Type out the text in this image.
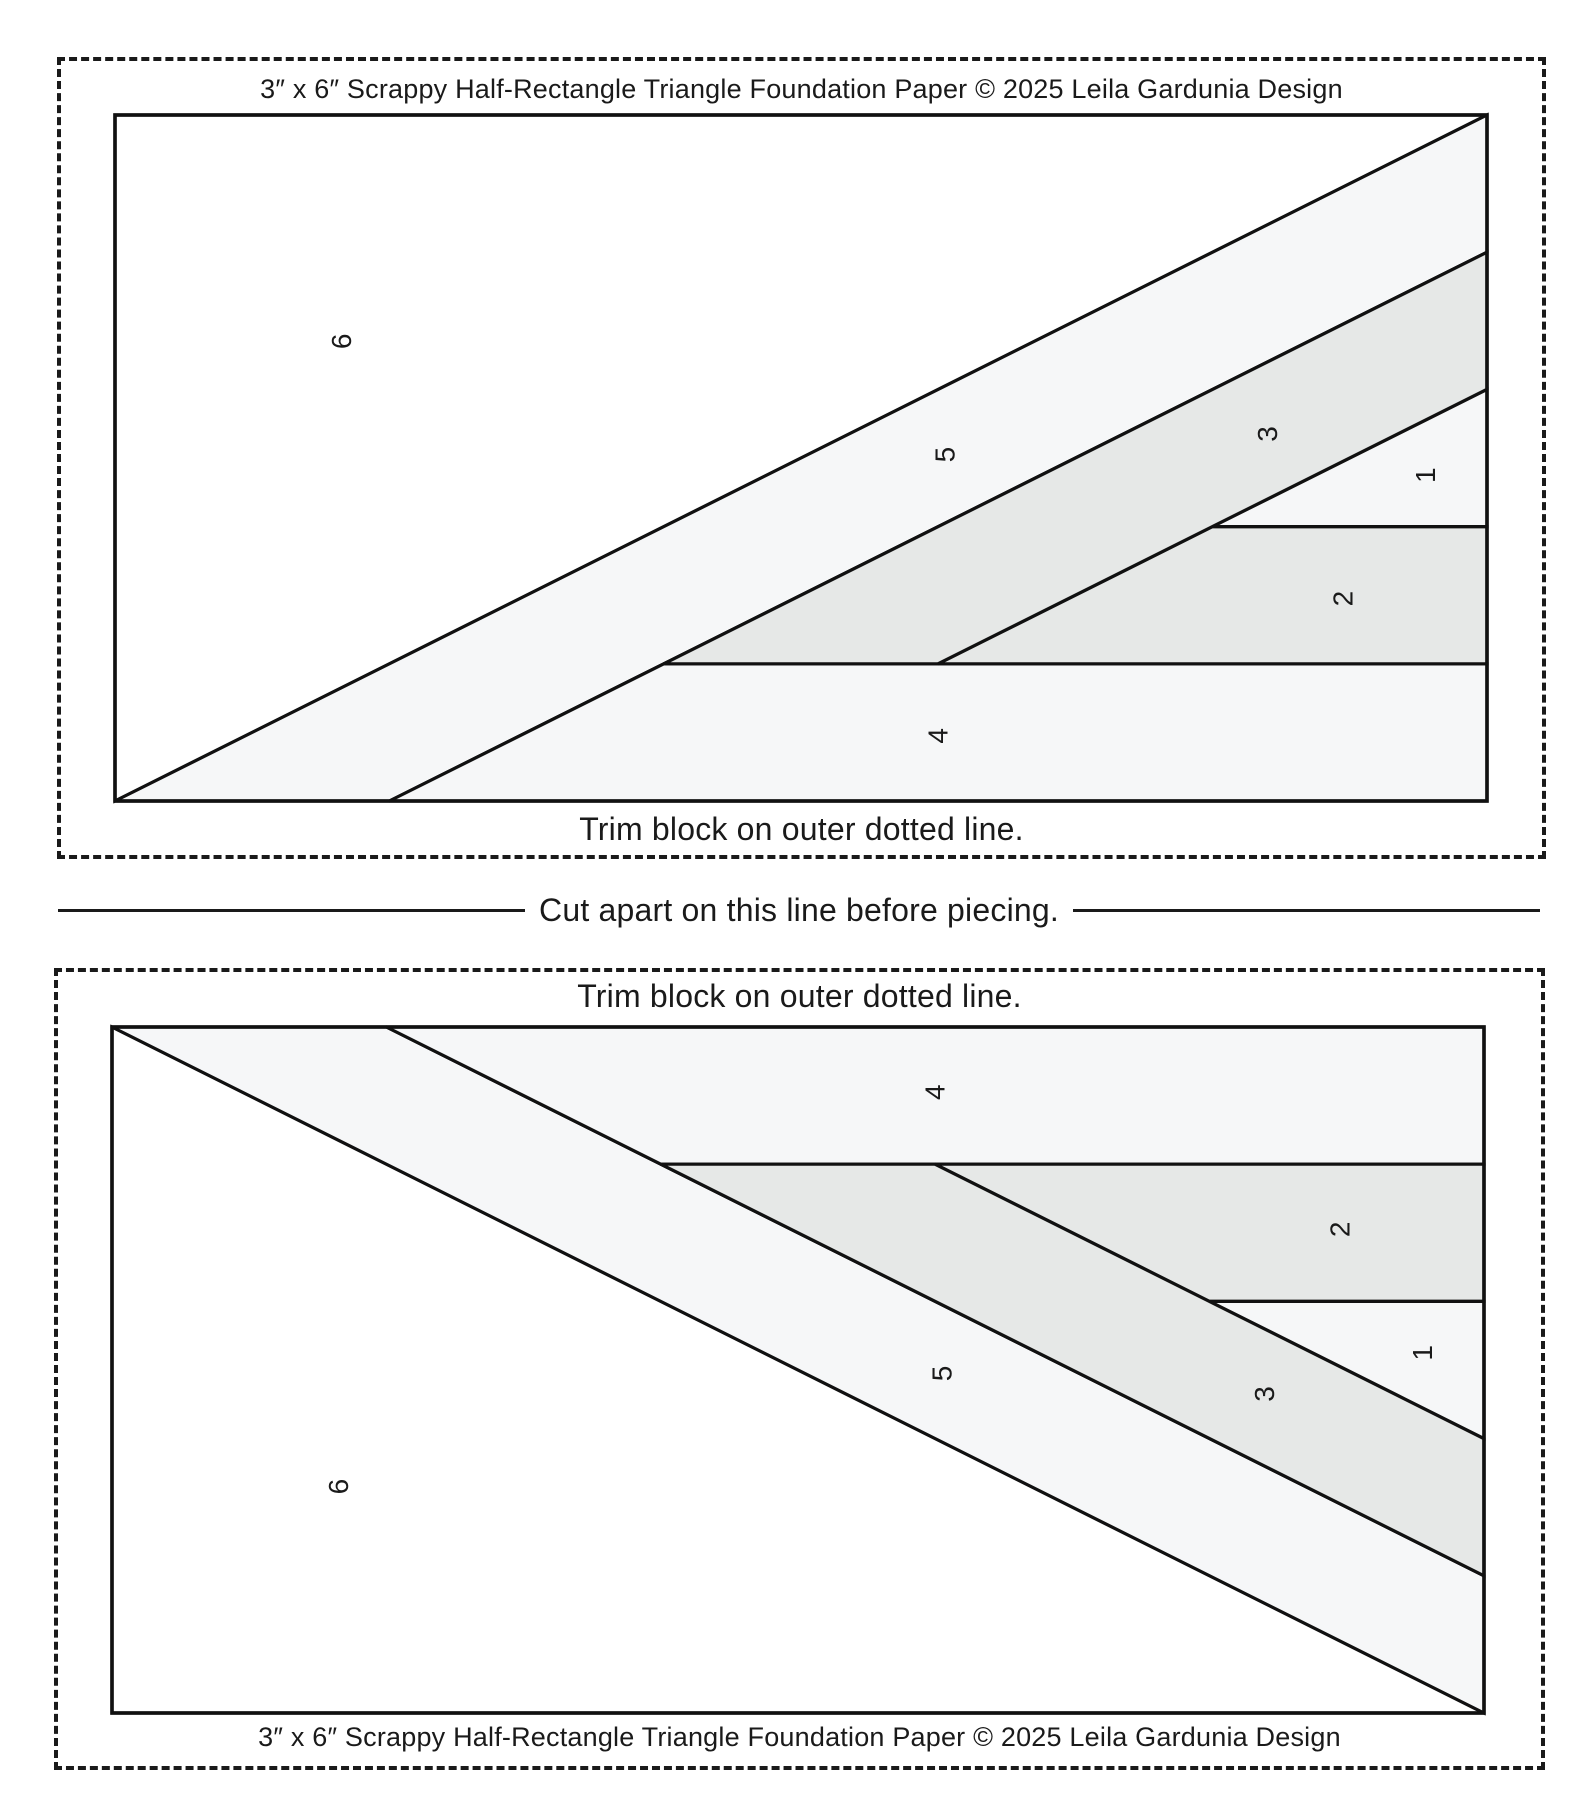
3″ x 6″ Scrappy Half-Rectangle Triangle Foundation Paper © 2025 Leila Gardunia Design
Trim block on outer dotted line.
Cut apart on this line before piecing.
Trim block on outer dotted line.
3″ x 6″ Scrappy Half-Rectangle Triangle Foundation Paper © 2025 Leila Gardunia Design
1
2
3
4
5
6
1
2
3
4
5
6
